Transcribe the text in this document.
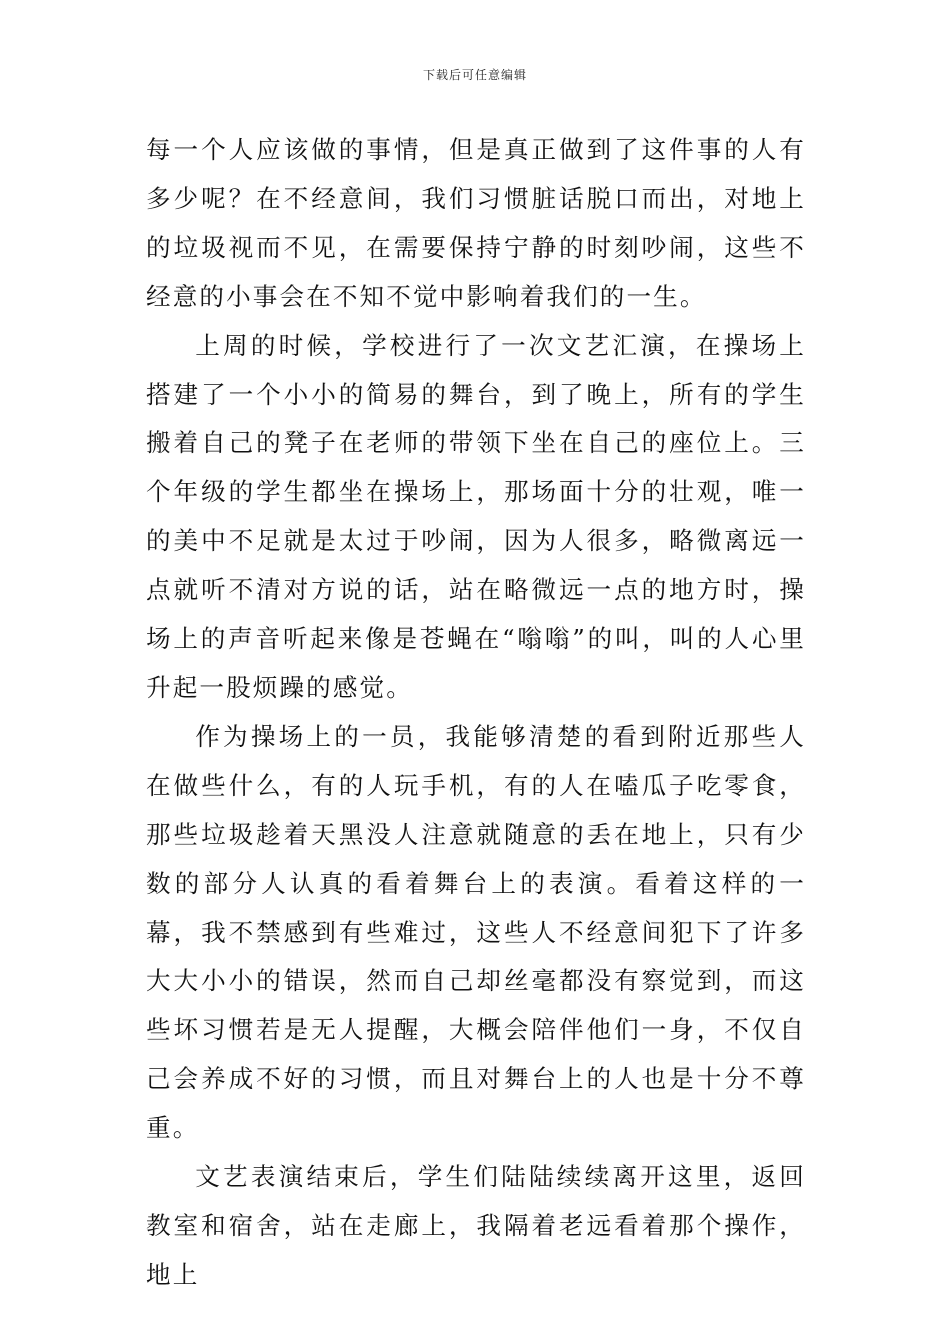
下载后可任意编辑

每一个人应该做的事情，但是真正做到了这件事的人有多少呢？在不经意间，我们习惯脏话脱口而出，对地上的垃圾视而不见，在需要保持宁静的时刻吵闹，这些不经意的小事会在不知不觉中影响着我们的一生。

上周的时候，学校进行了一次文艺汇演，在操场上搭建了一个小小的简易的舞台，到了晚上，所有的学生搬着自己的凳子在老师的带领下坐在自己的座位上。三个年级的学生都坐在操场上，那场面十分的壮观，唯一的美中不足就是太过于吵闹，因为人很多，略微离远一点就听不清对方说的话，站在略微远一点的地方时，操场上的声音听起来像是苍蝇在“嗡嗡”的叫，叫的人心里升起一股烦躁的感觉。

作为操场上的一员，我能够清楚的看到附近那些人在做些什么，有的人玩手机，有的人在嗑瓜子吃零食，那些垃圾趁着天黑没人注意就随意的丢在地上，只有少数的部分人认真的看着舞台上的表演。看着这样的一幕，我不禁感到有些难过，这些人不经意间犯下了许多大大小小的错误，然而自己却丝毫都没有察觉到，而这些坏习惯若是无人提醒，大概会陪伴他们一身，不仅自己会养成不好的习惯，而且对舞台上的人也是十分不尊重。

文艺表演结束后，学生们陆陆续续离开这里，返回教室和宿舍，站在走廊上，我隔着老远看着那个操作，地上
